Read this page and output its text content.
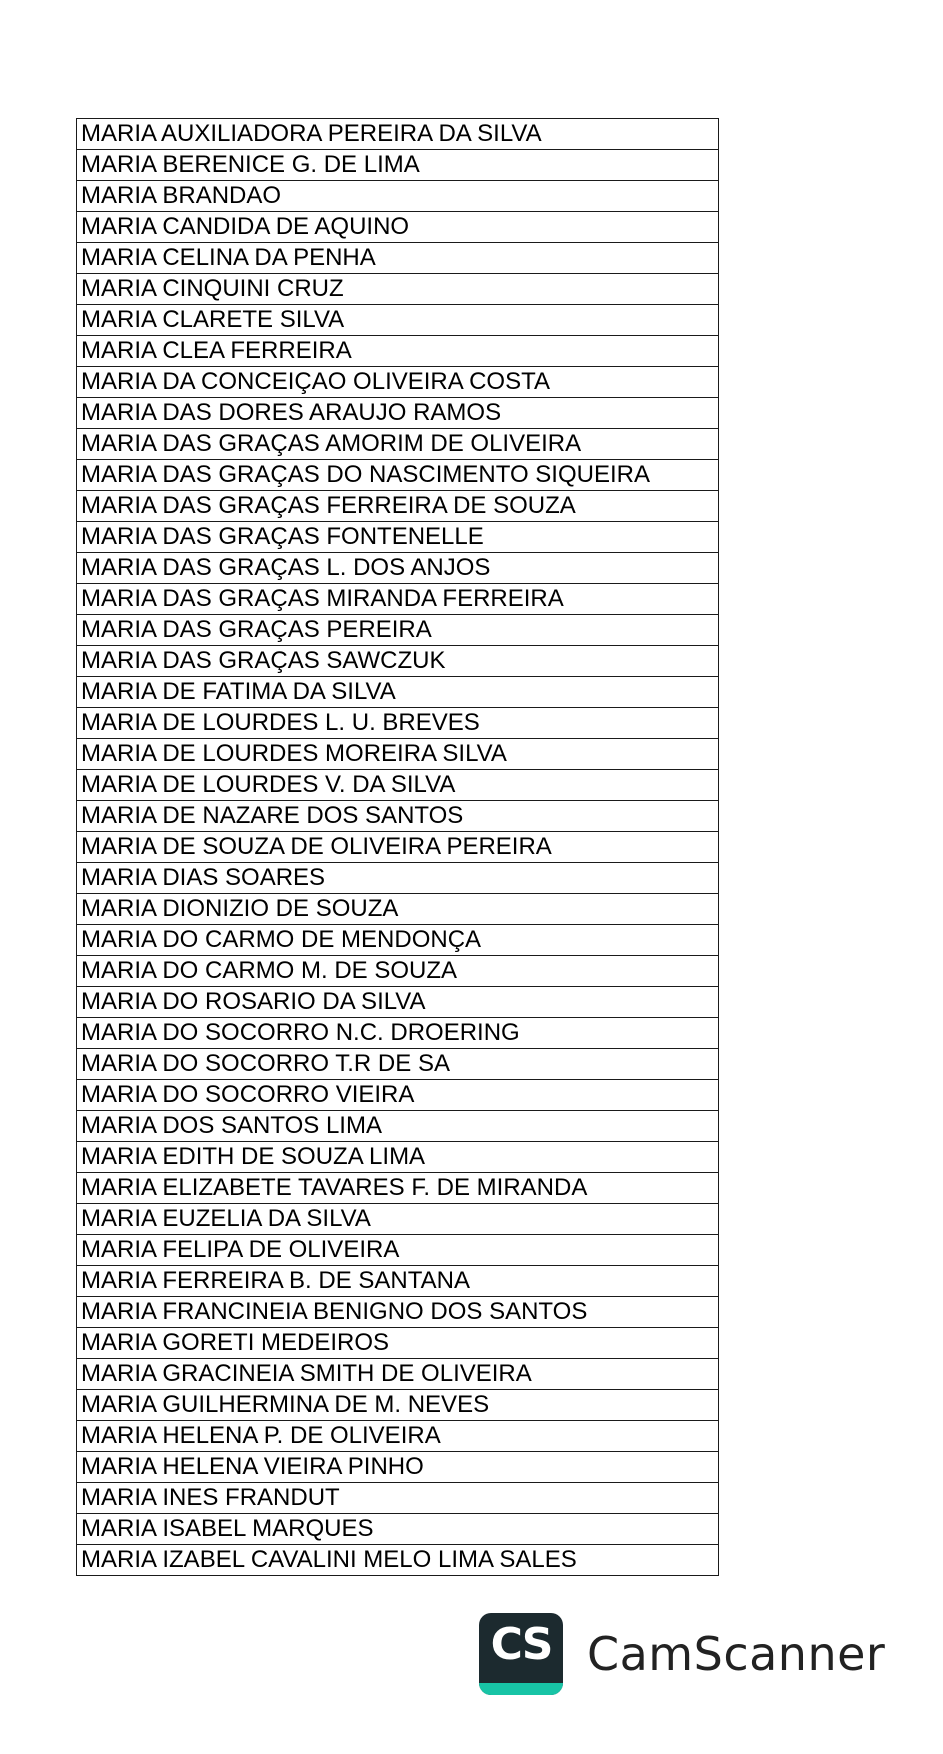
MARIA AUXILIADORA PEREIRA DA SILVA
MARIA BERENICE G. DE LIMA
MARIA BRANDAO
MARIA CANDIDA DE AQUINO
MARIA CELINA DA PENHA
MARIA CINQUINI CRUZ
MARIA CLARETE SILVA
MARIA CLEA FERREIRA
MARIA DA CONCEIÇAO OLIVEIRA COSTA
MARIA DAS DORES ARAUJO RAMOS
MARIA DAS GRAÇAS AMORIM DE OLIVEIRA
MARIA DAS GRAÇAS DO NASCIMENTO SIQUEIRA
MARIA DAS GRAÇAS FERREIRA DE SOUZA
MARIA DAS GRAÇAS FONTENELLE
MARIA DAS GRAÇAS L. DOS ANJOS
MARIA DAS GRAÇAS MIRANDA FERREIRA
MARIA DAS GRAÇAS PEREIRA
MARIA DAS GRAÇAS SAWCZUK
MARIA DE FATIMA DA SILVA
MARIA DE LOURDES L. U. BREVES
MARIA DE LOURDES MOREIRA SILVA
MARIA DE LOURDES V. DA SILVA
MARIA DE NAZARE DOS SANTOS
MARIA DE SOUZA DE OLIVEIRA PEREIRA
MARIA DIAS SOARES
MARIA DIONIZIO DE SOUZA
MARIA DO CARMO DE MENDONÇA
MARIA DO CARMO M. DE SOUZA
MARIA DO ROSARIO DA SILVA
MARIA DO SOCORRO N.C. DROERING
MARIA DO SOCORRO T.R DE SA
MARIA DO SOCORRO VIEIRA
MARIA DOS SANTOS LIMA
MARIA EDITH DE SOUZA LIMA
MARIA ELIZABETE TAVARES F. DE MIRANDA
MARIA EUZELIA DA SILVA
MARIA FELIPA DE OLIVEIRA
MARIA FERREIRA B. DE SANTANA
MARIA FRANCINEIA BENIGNO DOS SANTOS
MARIA GORETI MEDEIROS
MARIA GRACINEIA SMITH DE OLIVEIRA
MARIA GUILHERMINA DE M. NEVES
MARIA HELENA P. DE OLIVEIRA
MARIA HELENA VIEIRA PINHO
MARIA INES FRANDUT
MARIA ISABEL MARQUES
MARIA IZABEL CAVALINI MELO LIMA SALES
CS CamScanner
